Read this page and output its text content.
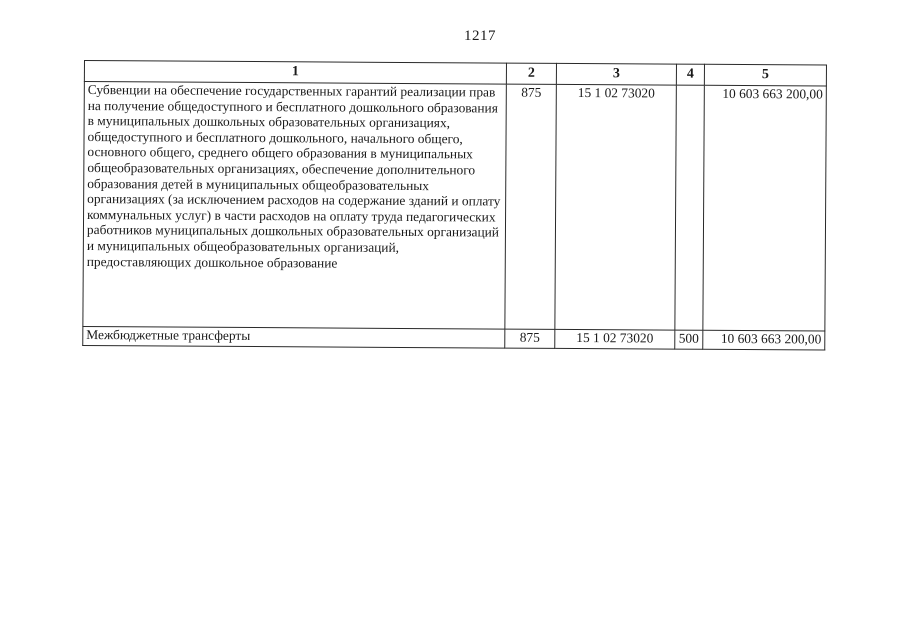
1217
1	2	3	4	5

Субвенции на обеспечение государственных гарантий реализации прав на получение общедоступного и бесплатного дошкольного образования в муниципальных дошкольных образовательных организациях, общедоступного и бесплатного дошкольного, начального общего, основного общего, среднего общего образования в муниципальных общеобразовательных организациях, обеспечение дополнительного образования детей в муниципальных общеобразовательных организациях (за исключением расходов на содержание зданий и оплату коммунальных услуг) в части расходов на оплату труда педагогических работников муниципальных дошкольных образовательных организаций и муниципальных общеобразовательных организаций, предоставляющих дошкольное образование	875	15 1 02 73020		10 603 663 200,00

Межбюджетные трансферты	875	15 1 02 73020	500	10 603 663 200,00
